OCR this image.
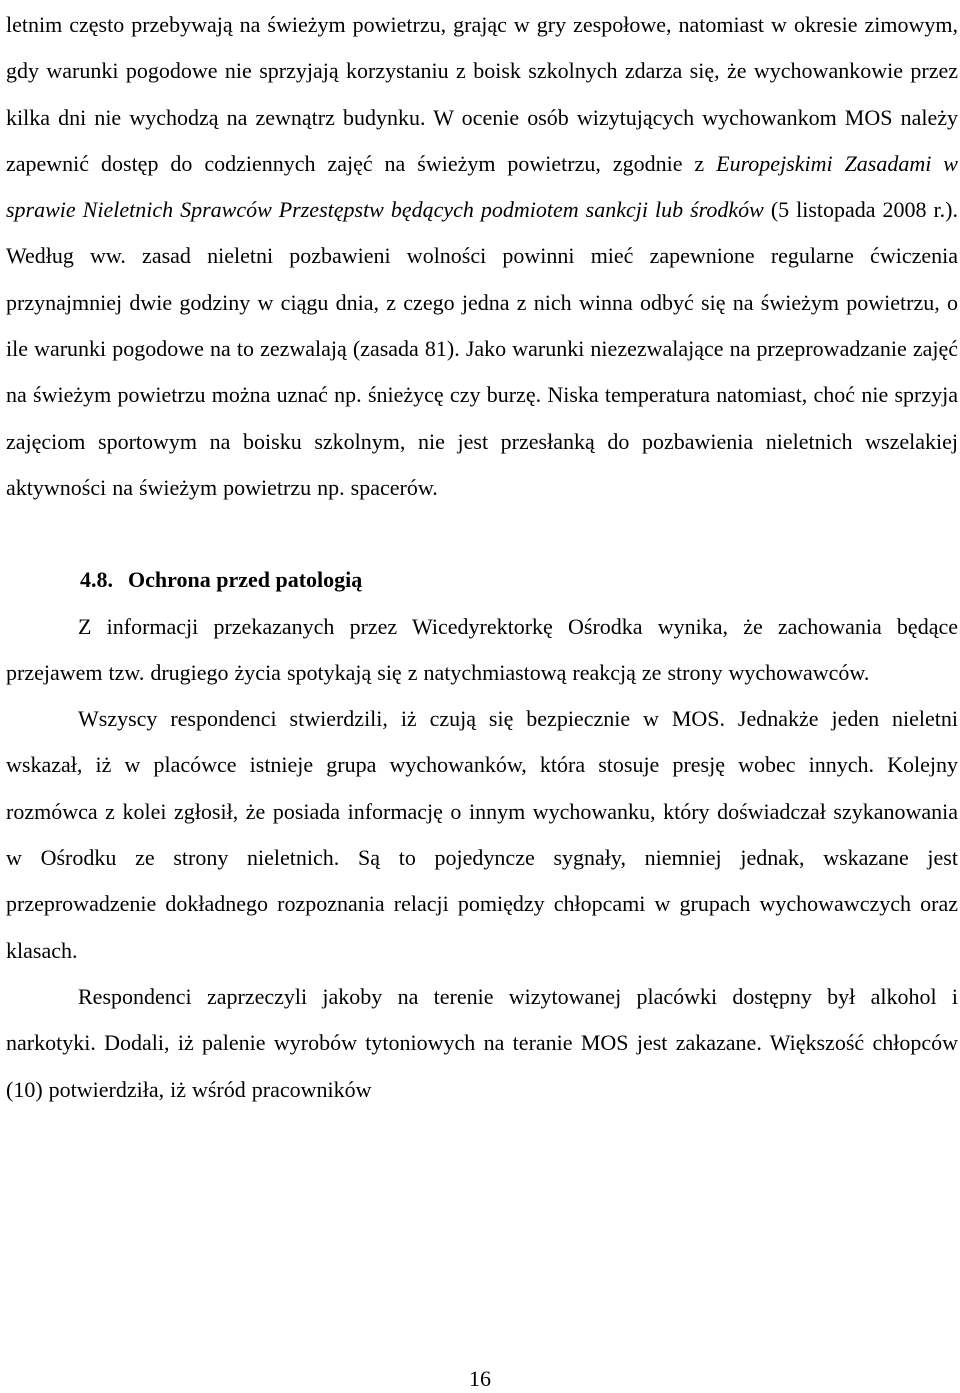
letnim często przebywają na świeżym powietrzu, grając w gry zespołowe, natomiast w okresie zimowym, gdy warunki pogodowe nie sprzyjają korzystaniu z boisk szkolnych zdarza się, że wychowankowie przez kilka dni nie wychodzą na zewnątrz budynku. W ocenie osób wizytujących wychowankom MOS należy zapewnić dostęp do codziennych zajęć na świeżym powietrzu, zgodnie z Europejskimi Zasadami w sprawie Nieletnich Sprawców Przestępstw będących podmiotem sankcji lub środków (5 listopada 2008 r.). Według ww. zasad nieletni pozbawieni wolności powinni mieć zapewnione regularne ćwiczenia przynajmniej dwie godziny w ciągu dnia, z czego jedna z nich winna odbyć się na świeżym powietrzu, o ile warunki pogodowe na to zezwalają (zasada 81). Jako warunki niezezwalające na przeprowadzanie zajęć na świeżym powietrzu można uznać np. śnieżycę czy burzę. Niska temperatura natomiast, choć nie sprzyja zajęciom sportowym na boisku szkolnym, nie jest przesłanką do pozbawienia nieletnich wszelakiej aktywności na świeżym powietrzu np. spacerów.

4.8. Ochrona przed patologią

Z informacji przekazanych przez Wicedyrektorkę Ośrodka wynika, że zachowania będące przejawem tzw. drugiego życia spotykają się z natychmiastową reakcją ze strony wychowawców.

Wszyscy respondenci stwierdzili, iż czują się bezpiecznie w MOS. Jednakże jeden nieletni wskazał, iż w placówce istnieje grupa wychowanków, która stosuje presję wobec innych. Kolejny rozmówca z kolei zgłosił, że posiada informację o innym wychowanku, który doświadczał szykanowania w Ośrodku ze strony nieletnich. Są to pojedyncze sygnały, niemniej jednak, wskazane jest przeprowadzenie dokładnego rozpoznania relacji pomiędzy chłopcami w grupach wychowawczych oraz klasach.

Respondenci zaprzeczyli jakoby na terenie wizytowanej placówki dostępny był alkohol i narkotyki. Dodali, iż palenie wyrobów tytoniowych na teranie MOS jest zakazane. Większość chłopców (10) potwierdziła, iż wśród pracowników

16
